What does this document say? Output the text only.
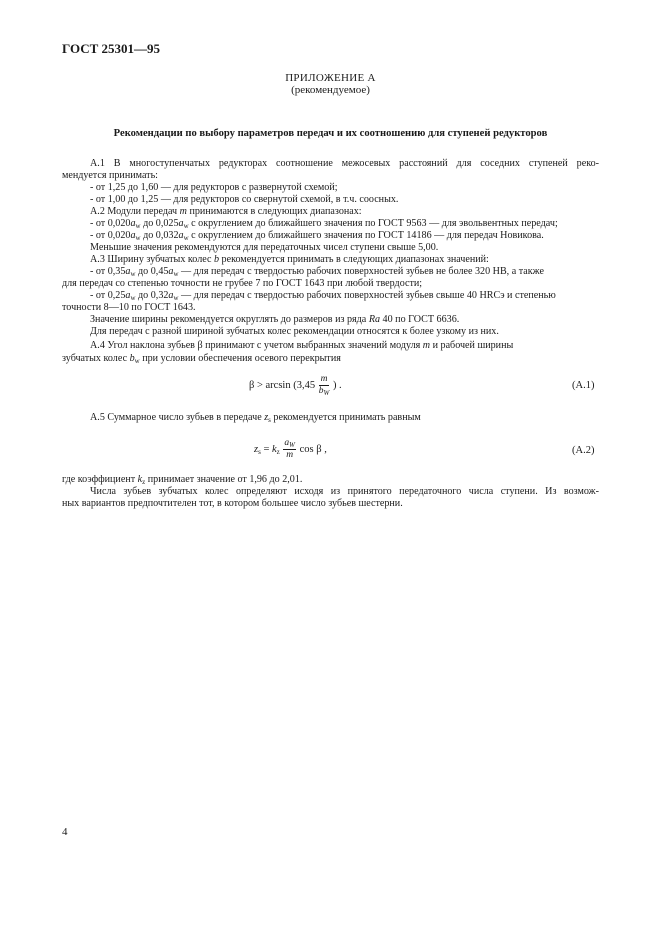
ГОСТ 25301—95
ПРИЛОЖЕНИЕ А
(рекомендуемое)
Рекомендации по выбору параметров передач и их соотношению для ступеней редукторов
А.1 В многоступенчатых редукторах соотношение межосевых расстояний для соседних ступеней реко-
мендуется принимать:
- от 1,25 до 1,60 — для редукторов с развернутой схемой;
- от 1,00 до 1,25 — для редукторов со свернутой схемой, в т.ч. соосных.
А.2 Модули передач m принимаются в следующих диапазонах:
- от $0,020a_w$ до $0,025a_w$ с округлением до ближайшего значения по ГОСТ 9563 — для эвольвентных передач;
- от $0,020a_w$ до $0,032a_w$ с округлением до ближайшего значения по ГОСТ 14186 — для передач Новикова.
Меньшие значения рекомендуются для передаточных чисел ступени свыше 5,00.
А.3 Ширину зубчатых колес b рекомендуется принимать в следующих диапазонах значений:
- от $0,35a_w$ до $0,45a_w$ — для передач с твердостью рабочих поверхностей зубьев не более 320 НВ, а также
для передач со степенью точности не грубее 7 по ГОСТ 1643 при любой твердости;
- от $0,25a_w$ до $0,32a_w$ — для передач с твердостью рабочих поверхностей зубьев свыше 40 HRCэ и степенью
точности 8—10 по ГОСТ 1643.
Значение ширины рекомендуется округлять до размеров из ряда Ra 40 по ГОСТ 6636.
Для передач с разной шириной зубчатых колес рекомендации относятся к более узкому из них.
А.4 Угол наклона зубьев β принимают с учетом выбранных значений модуля m и рабочей ширины
зубчатых колес $b_w$ при условии обеспечения осевого перекрытия
$\beta > \arcsin (3,45 \frac{m}{b_W}$ ) .	(А.1)
А.5 Суммарное число зубьев в передаче $z_s$ рекомендуется принимать равным
$z_s = k_z \frac{a_W}{m}$ cos β ,	(А.2)
где коэффициент $k_z$ принимает значение от 1,96 до 2,01.
Числа зубьев зубчатых колес определяют исходя из принятого передаточного числа ступени. Из возмож-
ных вариантов предпочтителен тот, в котором большее число зубьев шестерни.
4
